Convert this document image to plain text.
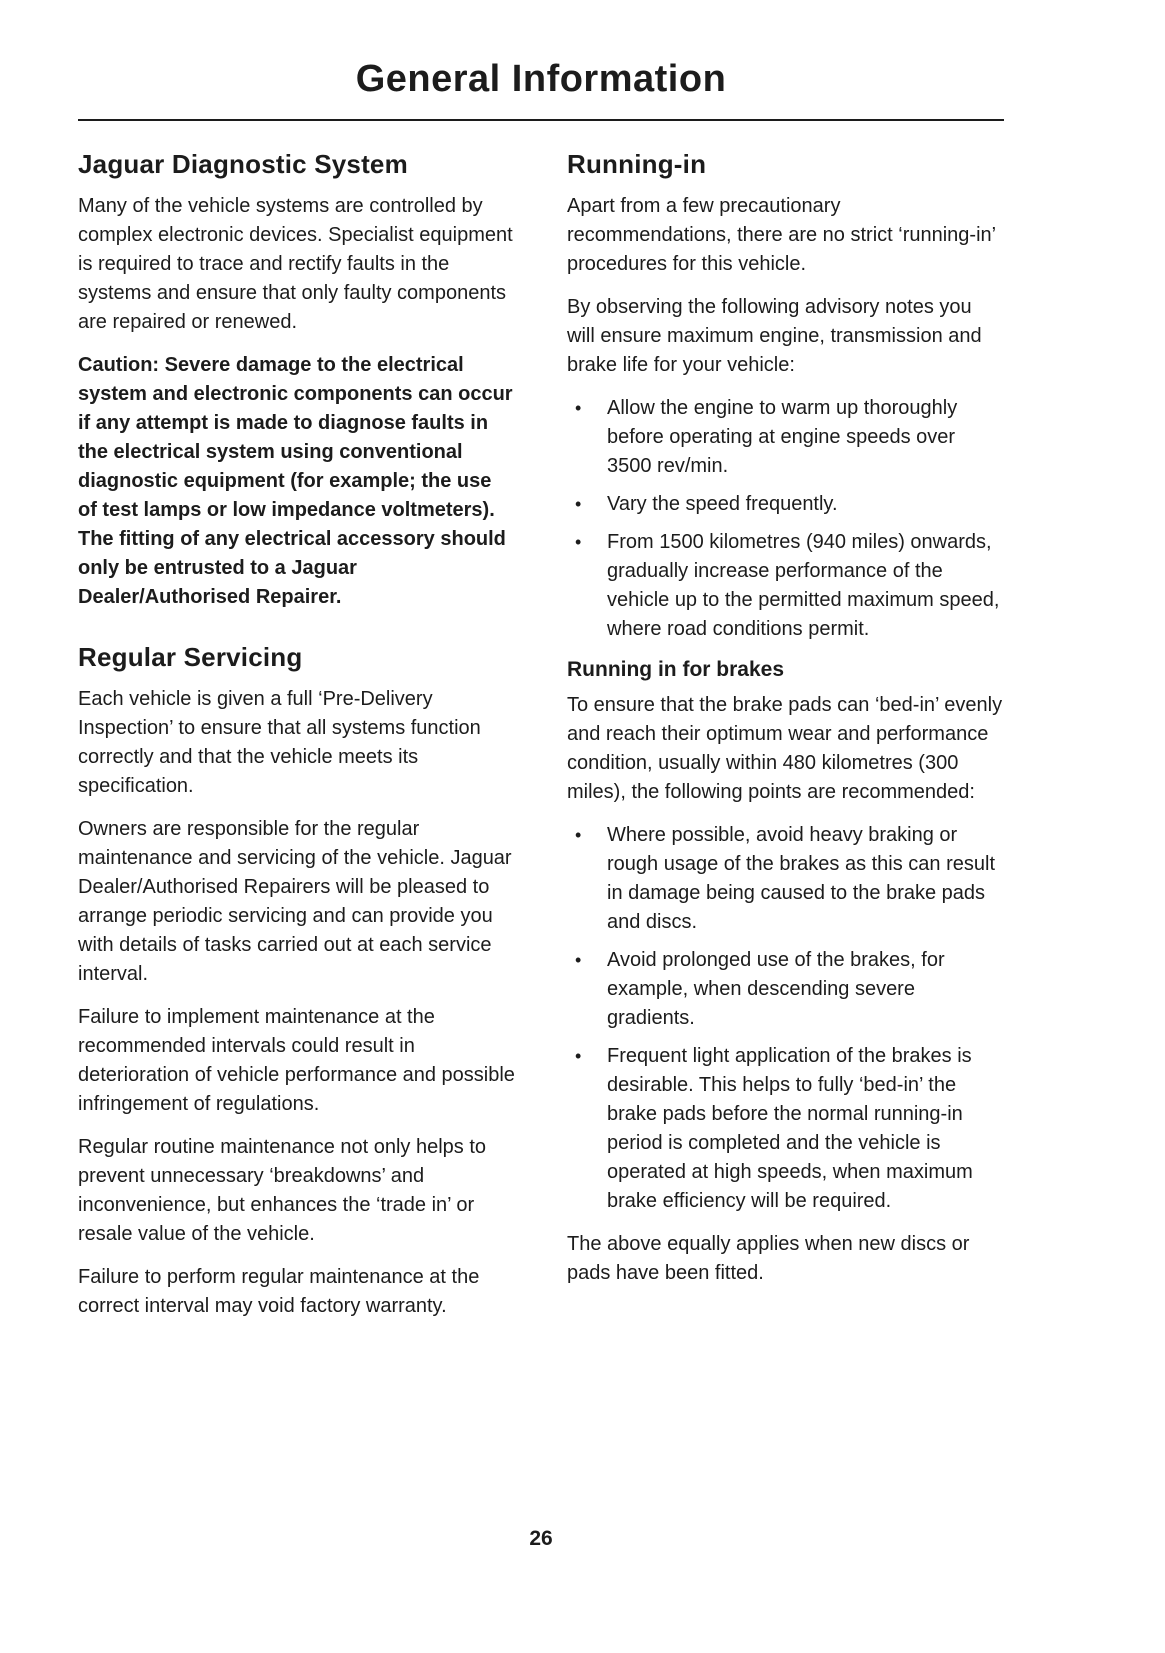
General Information
Jaguar Diagnostic System

Many of the vehicle systems are controlled by complex electronic devices. Specialist equipment is required to trace and rectify faults in the systems and ensure that only faulty components are repaired or renewed.

Caution: Severe damage to the electrical system and electronic components can occur if any attempt is made to diagnose faults in the electrical system using conventional diagnostic equipment (for example; the use of test lamps or low impedance voltmeters). The fitting of any electrical accessory should only be entrusted to a Jaguar Dealer/Authorised Repairer.

Regular Servicing

Each vehicle is given a full ‘Pre-Delivery Inspection’ to ensure that all systems function correctly and that the vehicle meets its specification.

Owners are responsible for the regular maintenance and servicing of the vehicle. Jaguar Dealer/Authorised Repairers will be pleased to arrange periodic servicing and can provide you with details of tasks carried out at each service interval.

Failure to implement maintenance at the recommended intervals could result in deterioration of vehicle performance and possible infringement of regulations.

Regular routine maintenance not only helps to prevent unnecessary ‘breakdowns’ and inconvenience, but enhances the ‘trade in’ or resale value of the vehicle.

Failure to perform regular maintenance at the correct interval may void factory warranty.

Running-in

Apart from a few precautionary recommendations, there are no strict ‘running-in’ procedures for this vehicle.

By observing the following advisory notes you will ensure maximum engine, transmission and brake life for your vehicle:

• Allow the engine to warm up thoroughly before operating at engine speeds over 3500 rev/min.
• Vary the speed frequently.
• From 1500 kilometres (940 miles) onwards, gradually increase performance of the vehicle up to the permitted maximum speed, where road conditions permit.
Running in for brakes

To ensure that the brake pads can ‘bed-in’ evenly and reach their optimum wear and performance condition, usually within 480 kilometres (300 miles), the following points are recommended:

• Where possible, avoid heavy braking or rough usage of the brakes as this can result in damage being caused to the brake pads and discs.
• Avoid prolonged use of the brakes, for example, when descending severe gradients.
• Frequent light application of the brakes is desirable. This helps to fully ‘bed-in’ the brake pads before the normal running-in period is completed and the vehicle is operated at high speeds, when maximum brake efficiency will be required.

The above equally applies when new discs or pads have been fitted.

26
